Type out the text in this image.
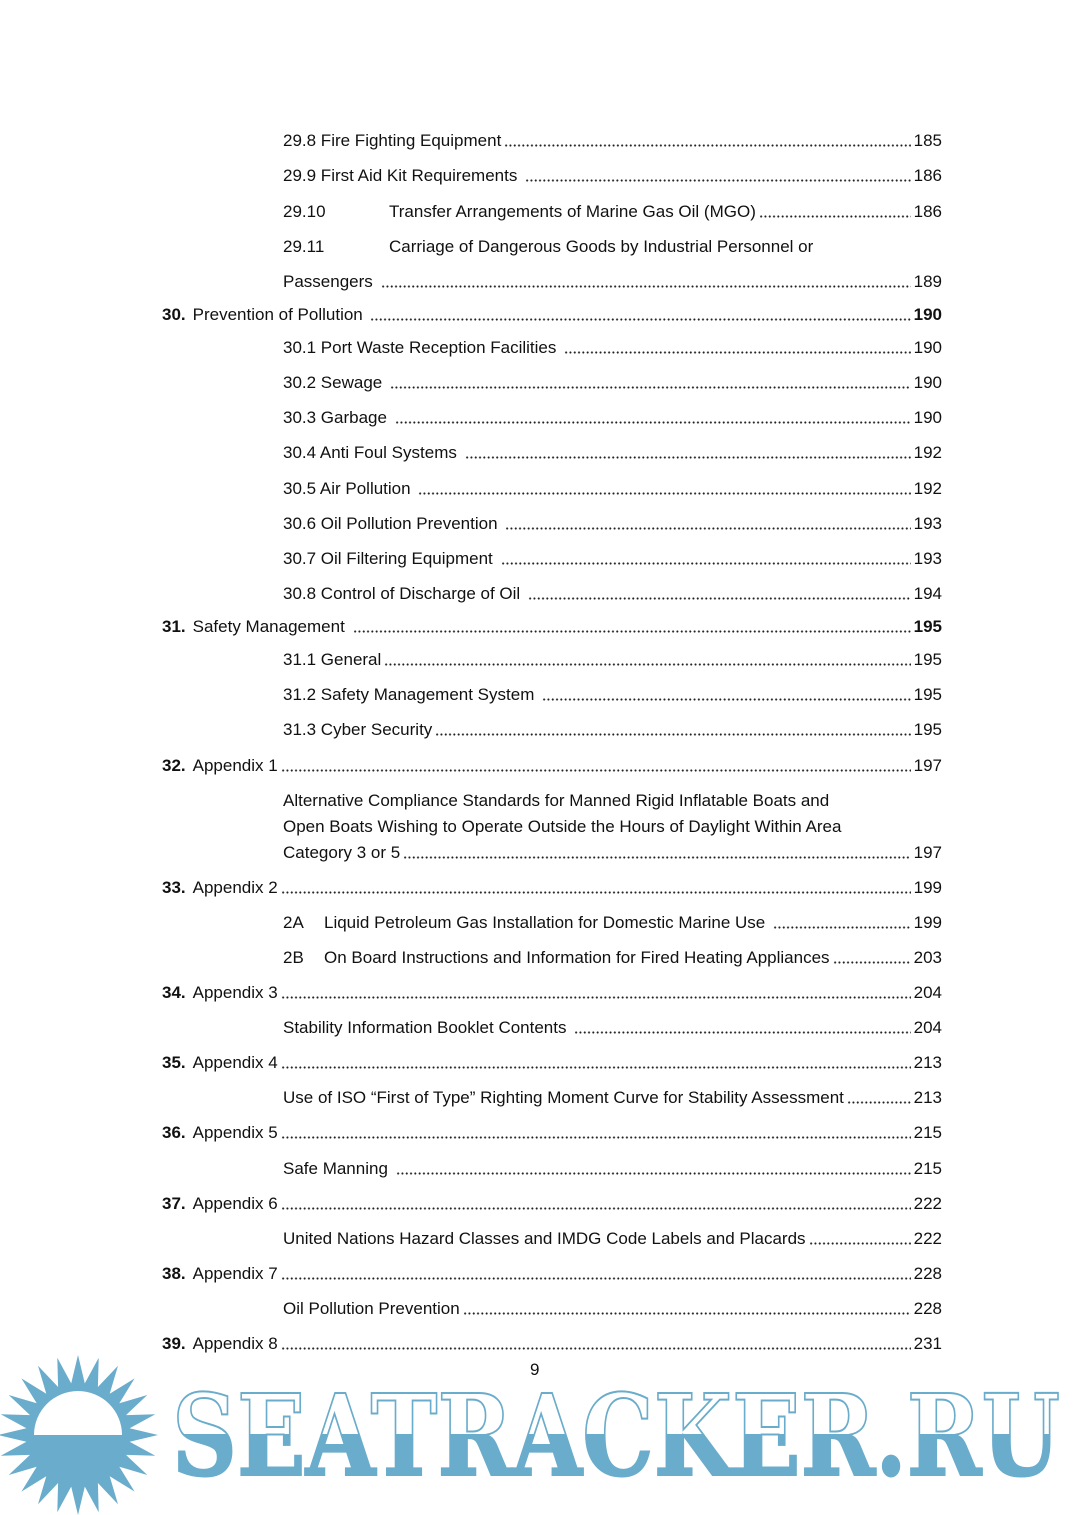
29.8 Fire Fighting Equipment	185
29.9 First Aid Kit Requirements	186
29.10	Transfer Arrangements of Marine Gas Oil (MGO)	186
29.11	Carriage of Dangerous Goods by Industrial Personnel or
Passengers	189
30. Prevention of Pollution	190
30.1 Port Waste Reception Facilities	190
30.2 Sewage	190
30.3 Garbage	190
30.4 Anti Foul Systems	192
30.5 Air Pollution	192
30.6 Oil Pollution Prevention	193
30.7 Oil Filtering Equipment	193
30.8 Control of Discharge of Oil	194
31. Safety Management	195
31.1 General	195
31.2 Safety Management System	195
31.3 Cyber Security	195
32. Appendix 1	197
Alternative Compliance Standards for Manned Rigid Inflatable Boats and
Open Boats Wishing to Operate Outside the Hours of Daylight Within Area
Category 3 or 5	197
33. Appendix 2	199
2A	Liquid Petroleum Gas Installation for Domestic Marine Use	199
2B	On Board Instructions and Information for Fired Heating Appliances	203
34. Appendix 3	204
Stability Information Booklet Contents	204
35. Appendix 4	213
Use of ISO “First of Type” Righting Moment Curve for Stability Assessment	213
36. Appendix 5	215
Safe Manning	215
37. Appendix 6	222
United Nations Hazard Classes and IMDG Code Labels and Placards	222
38. Appendix 7	228
Oil Pollution Prevention	228
39. Appendix 8	231
SEATRACKER.RU
9
